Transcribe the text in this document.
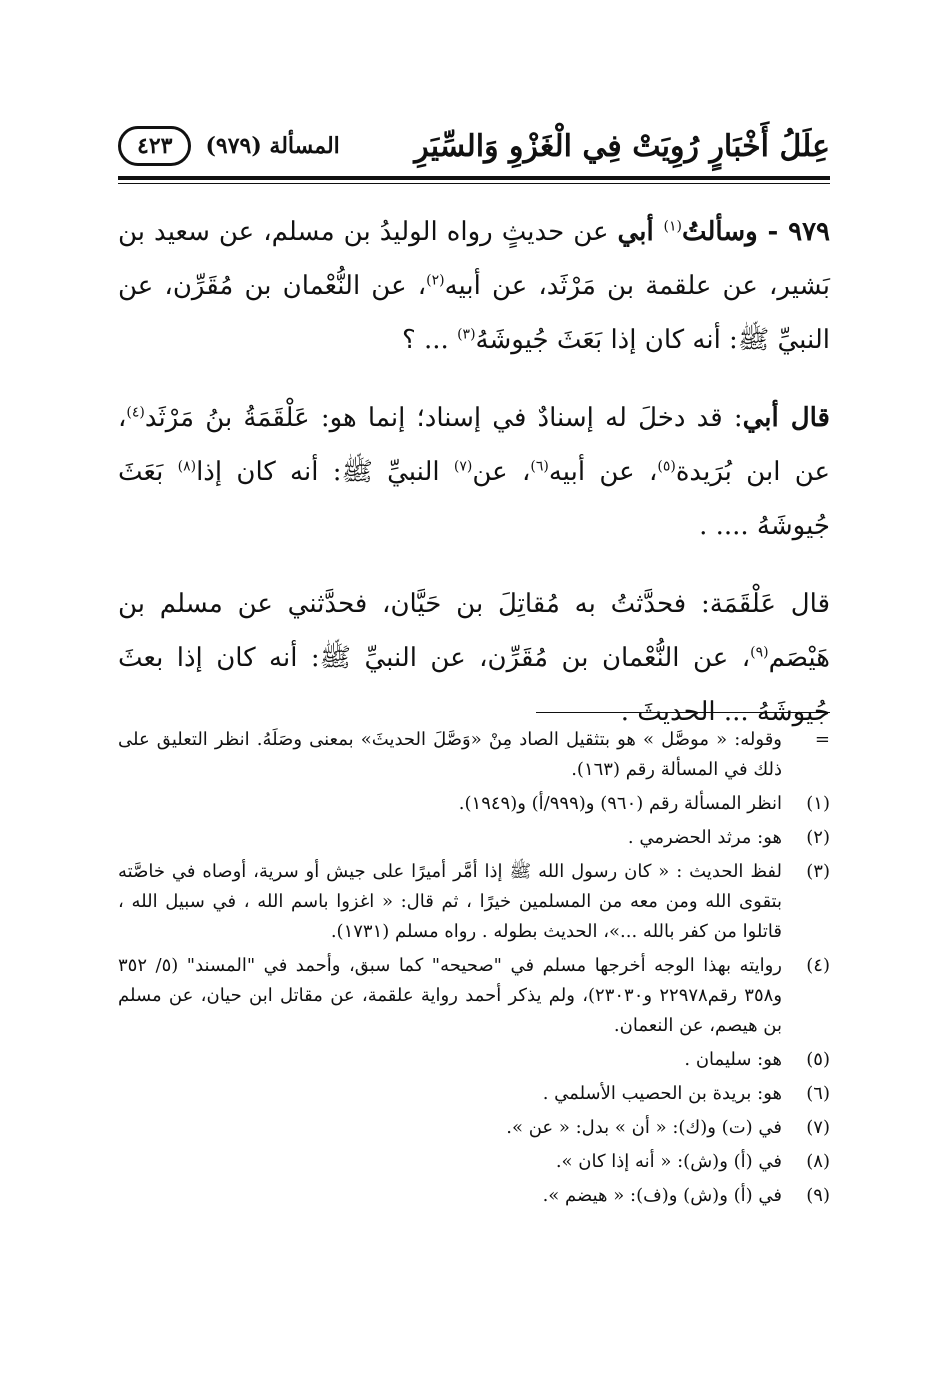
عِلَلُ أَخْبَارٍ رُوِيَتْ فِي الْغَزْوِ وَالسِّيَرِ
المسألة (٩٧٩)
٤٢٣

٩٧٩ - وسألتُ$^{(١)}$ أبي عن حديثٍ رواه الوليدُ بن مسلم، عن سعيد بن بَشير، عن علقمة بن مَرْثَد، عن أبيه$^{(٢)}$، عن النُّعْمان بن مُقَرِّن، عن النبيِّ ﷺ: أنه كان إذا بَعَثَ جُيوشَهُ$^{(٣)}$ ... ؟

قال أبي: قد دخلَ له إسنادٌ في إسناد؛ إنما هو: عَلْقَمَةُ بنُ مَرْثَد$^{(٤)}$، عن ابن بُرَيدة$^{(٥)}$، عن أبيه$^{(٦)}$، عن$^{(٧)}$ النبيِّ ﷺ: أنه كان إذا$^{(٨)}$ بَعَثَ جُيوشَهُ .... .

قال عَلْقَمَة: فحدَّثتُ به مُقاتِلَ بن حَيَّان، فحدَّثني عن مسلم بن هَيْصَم$^{(٩)}$، عن النُّعْمان بن مُقَرِّن، عن النبيِّ ﷺ: أنه كان إذا بعثَ جُيوشَهُ ... الحديثَ .

=
وقوله: « موصَّل » هو بتثقيل الصاد مِنْ «وَصَّلَ الحديثَ» بمعنى وصَلَهُ. انظر التعليق على ذلك في المسألة رقم (١٦٣).
(١)
انظر المسألة رقم (٩٦٠) و(٩٩٩/أ) و(١٩٤٩).
(٢)
هو: مرثد الحضرمي .
(٣)
لفظ الحديث : « كان رسول الله ﷺ إذا أمَّر أميرًا على جيش أو سرية، أوصاه في خاصَّته بتقوى الله ومن معه من المسلمين خيرًا ، ثم قال: « اغزوا باسم الله ، في سبيل الله ، قاتلوا من كفر بالله ...»، الحديث بطوله . رواه مسلم (١٧٣١).
(٤)
روايته بهذا الوجه أخرجها مسلم في "صحيحه" كما سبق، وأحمد في "المسند" (٥/ ٣٥٢ و٣٥٨ رقم٢٢٩٧٨ و٢٣٠٣٠)، ولم يذكر أحمد رواية علقمة، عن مقاتل ابن حيان، عن مسلم بن هيصم، عن النعمان.
(٥)
هو: سليمان .
(٦)
هو: بريدة بن الحصيب الأسلمي .
(٧)
في (ت) و(ك): « أن » بدل: « عن ».
(٨)
في (أ) و(ش): « أنه إذا كان ».
(٩)
في (أ) و(ش) و(ف): « هيضم ».
